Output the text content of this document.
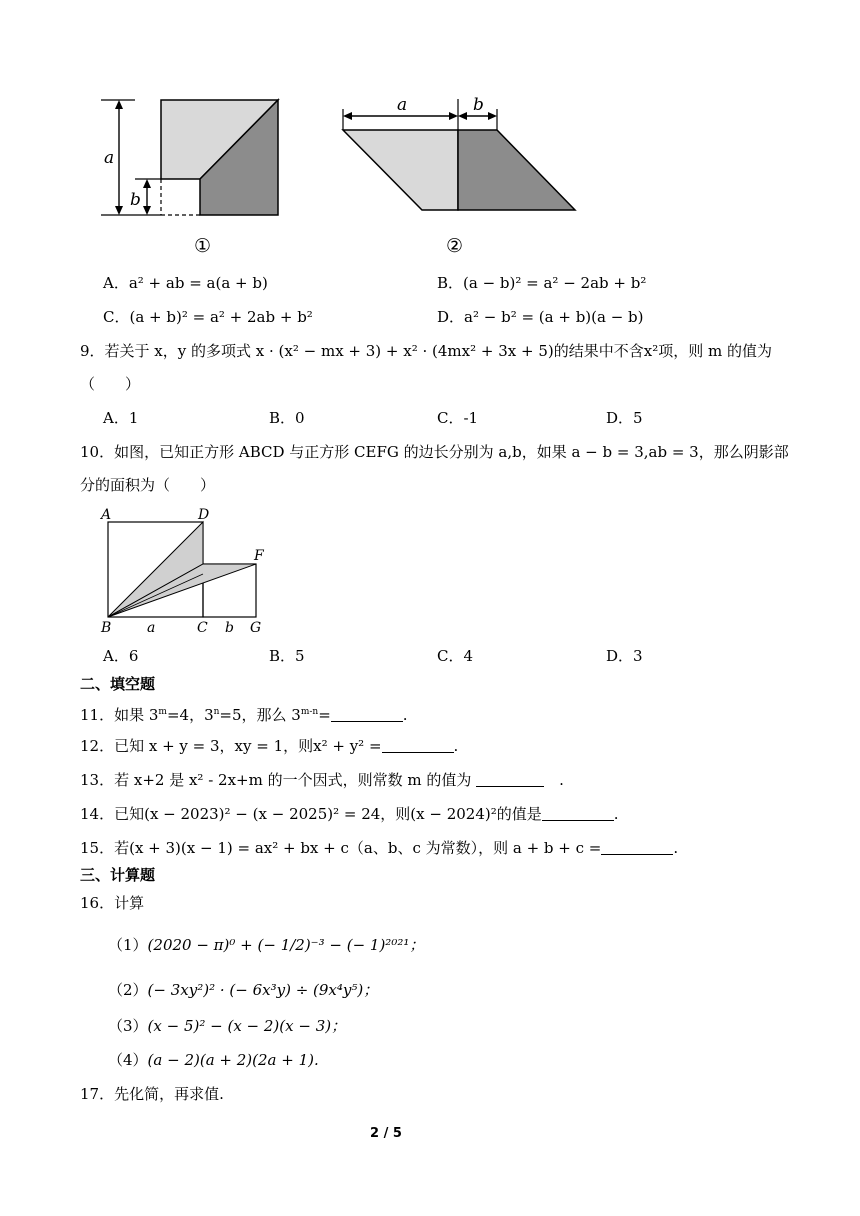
a
b
①
a	b
②
A．a² + ab = a(a + b)	B．(a − b)² = a² − 2ab + b²
C．(a + b)² = a² + 2ab + b²	D．a² − b² = (a + b)(a − b)
9．若关于 x，y 的多项式 x · (x² − mx + 3) + x² · (4mx² + 3x + 5)的结果中不含x²项，则 m 的值为
（　　）
A．1	B．0	C．-1	D．5
10．如图，已知正方形 ABCD 与正方形 CEFG 的边长分别为 a,b，如果 a − b = 3,ab = 3，那么阴影部
分的面积为（　　）
A	D
F
B	a	C b G
A．6	B．5	C．4	D．3
二、填空题
11．如果 $3^m=4$，$3^n=5$，那么 $3^{m-n}=$	.
12．已知 x + y = 3，xy = 1，则x² + y² =	.
13．若 x+2 是 x² - 2x+m 的一个因式，则常数 m 的值为 　	.
14．已知(x − 2023)² − (x − 2025)² = 24，则(x − 2024)²的值是	.
15．若(x + 3)(x − 1) = ax² + bx + c（a、b、c 为常数），则 a + b + c =	.
三、计算题
16．计算
（1）(2020 − π)⁰ + (− 1/2)⁻³ − (− 1)²⁰²¹；
（2）(− 3xy²)² · (− 6x³y) ÷ (9x⁴y⁵)；
（3）(x − 5)² − (x − 2)(x − 3)；
（4）(a − 2)(a + 2)(2a + 1).
17．先化简，再求值.
2 / 5
